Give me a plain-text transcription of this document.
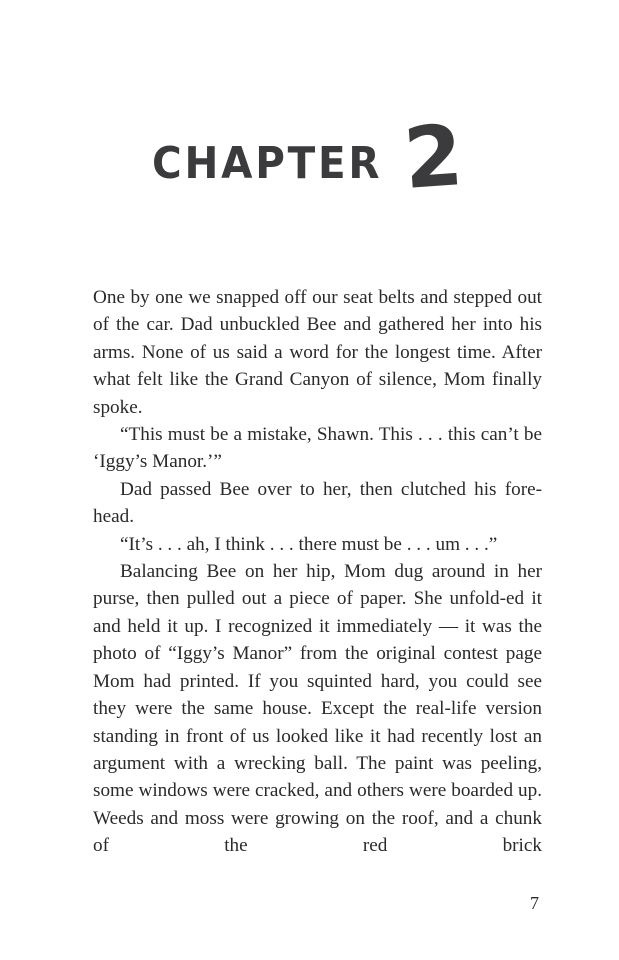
CHAPTER 2

One by one we snapped off our seat belts and stepped out of the car. Dad unbuckled Bee and gathered her into his arms. None of us said a word for the longest time. After what felt like the Grand Canyon of silence, Mom finally spoke.

“This must be a mistake, Shawn. This . . . this can’t be ‘Iggy’s Manor.’”

Dad passed Bee over to her, then clutched his fore-head.

“It’s . . . ah, I think . . . there must be . . . um . . .”

Balancing Bee on her hip, Mom dug around in her purse, then pulled out a piece of paper. She unfold-ed it and held it up. I recognized it immediately — it was the photo of “Iggy’s Manor” from the original contest page Mom had printed. If you squinted hard, you could see they were the same house. Except the real-life version standing in front of us looked like it had recently lost an argument with a wrecking ball. The paint was peeling, some windows were cracked, and others were boarded up. Weeds and moss were growing on the roof, and a chunk of the red brick

7
